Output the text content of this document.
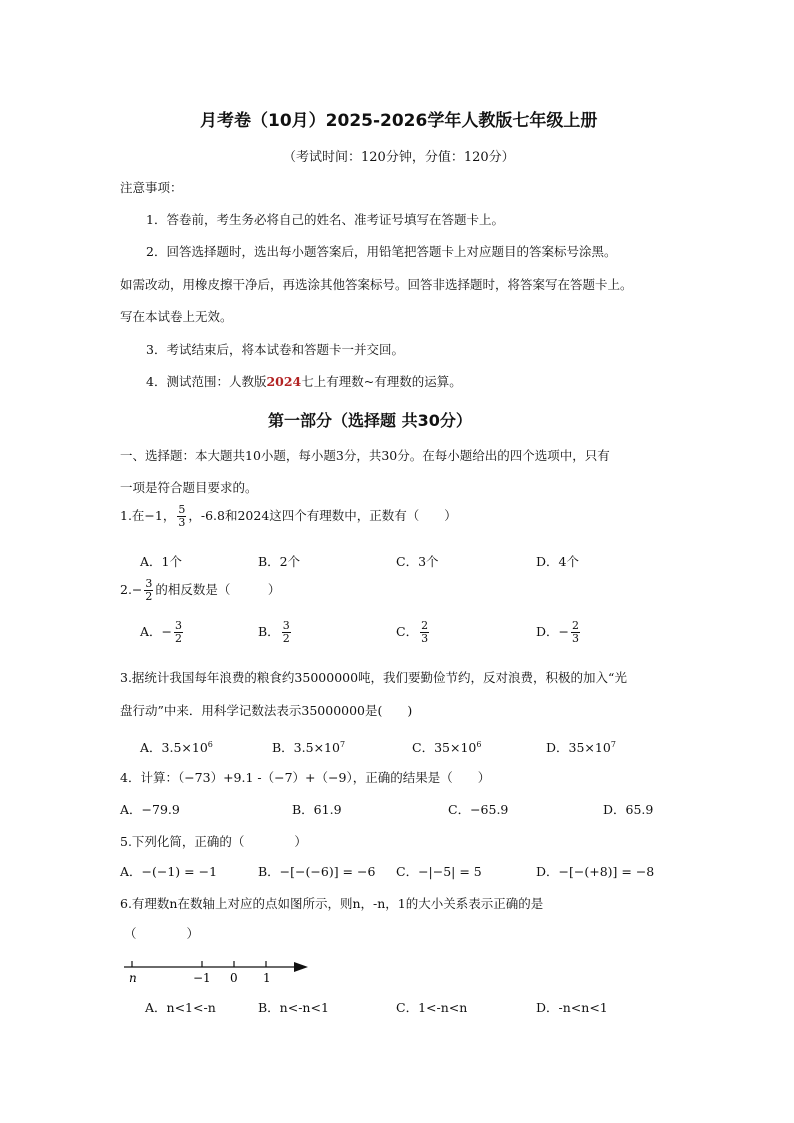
月考卷（10月）2025-2026学年人教版七年级上册
（考试时间：120分钟，分值：120分）
注意事项：
1．答卷前，考生务必将自己的姓名、准考证号填写在答题卡上。
2．回答选择题时，选出每小题答案后，用铅笔把答题卡上对应题目的答案标号涂黑。
如需改动，用橡皮擦干净后，再选涂其他答案标号。回答非选择题时，将答案写在答题卡上。
写在本试卷上无效。
3．考试结束后，将本试卷和答题卡一并交回。
4．测试范围：人教版2024七上有理数~有理数的运算。
第一部分（选择题 共30分）
一、选择题：本大题共10小题，每小题3分，共30分。在每小题给出的四个选项中，只有
一项是符合题目要求的。
1.在−1， $\frac{5}{3}$ ，-6.8和2024这四个有理数中，正数有（　　）
A．1个	B．2个	C．3个	D．4个
$2.- \frac{3}{2}$ 的相反数是（　　　）
A．− $\frac{3}{2}$	B． $\frac{3}{2}$	C． $\frac{2}{3}$	D．− $\frac{2}{3}$
3.据统计我国每年浪费的粮食约35000000吨，我们要勤俭节约，反对浪费，积极的加入“光
盘行动”中来．用科学记数法表示35000000是(　　)
A．$3.5\times 10^6$	B．$3.5\times 10^7$	C．$35\times 10^6$	D．$35\times 10^7$
4．计算：（−73）+9.1 -（−7）+（−9），正确的结果是（　　）
A．−79.9	B．61.9	C．−65.9	D．65.9
5.下列化简，正确的（　　　　）
A．−(−1) = −1	B．−[−(−6)] = −6 C．−|−5| = 5	D．−[−(+8)] = −8
6.有理数n在数轴上对应的点如图所示，则n，-n，1的大小关系表示正确的是
（　　　　）
n	−1 0 1
A．n<1<-n	B．n<-n<1	C．1<-n<n	D．-n<n<1
